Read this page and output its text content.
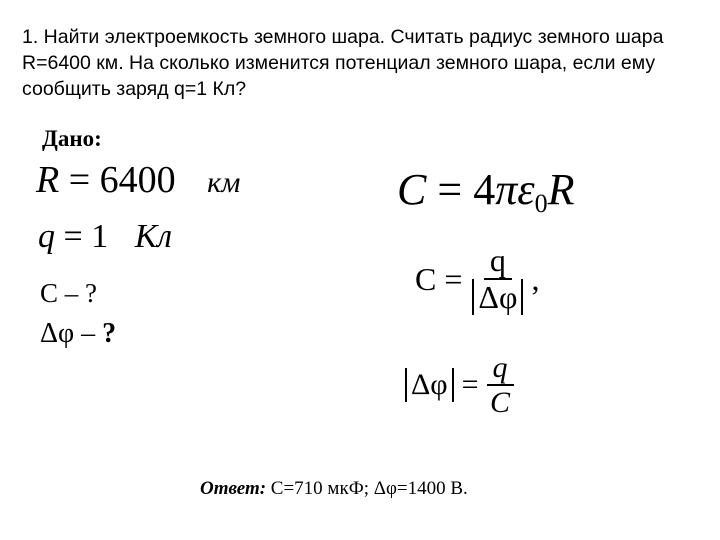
1. Найти электроемкость земного шара. Считать радиус земного шара R=6400 км. На сколько изменится потенциал земного шара, если ему сообщить заряд q=1 Кл?
Дано:
R = 6400 км
q = 1 Кл
C – ?
Δφ – ?
$C = 4\pi\varepsilon_0R$
$C = \frac{q}{\Delta\varphi}$ ,
$\Delta\varphi = \frac{q}{C}$
Ответ: С=710 мкФ; Δφ=1400 В.
